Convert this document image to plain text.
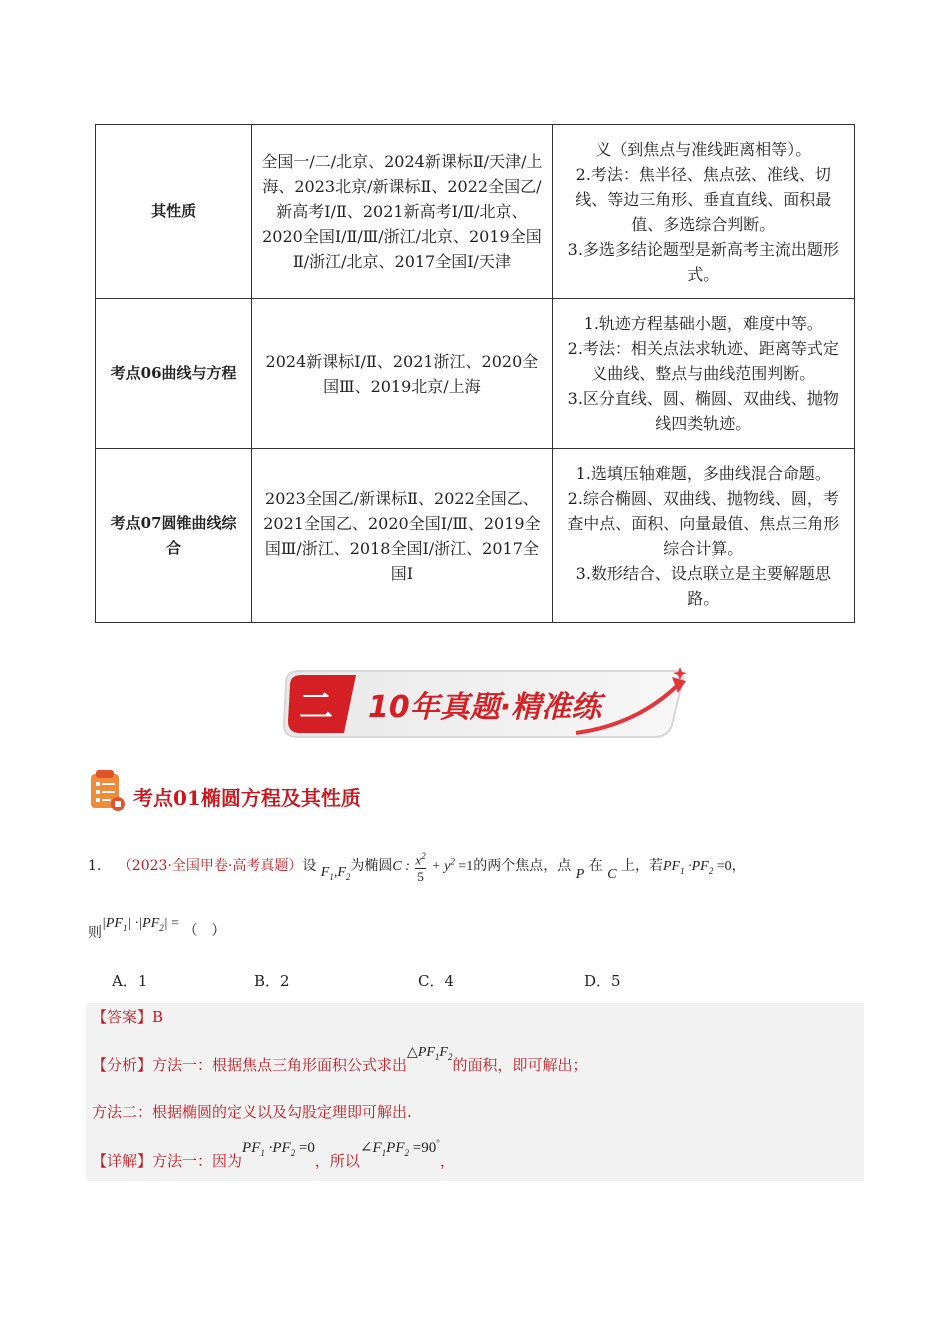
其性质	全国一/二/北京、2024新课标Ⅱ/天津/上海、2023北京/新课标Ⅱ、2022全国乙/新高考Ⅰ/Ⅱ、2021新高考Ⅰ/Ⅱ/北京、2020全国Ⅰ/Ⅱ/Ⅲ/浙江/北京、2019全国Ⅱ/浙江/北京、2017全国Ⅰ/天津	义（到焦点与准线距离相等）。
2.考法：焦半径、焦点弦、准线、切线、等边三角形、垂直直线、面积最值、多选综合判断。
3.多选多结论题型是新高考主流出题形式。

考点06曲线与方程	2024新课标Ⅰ/Ⅱ、2021浙江、2020全国Ⅲ、2019北京/上海	1.轨迹方程基础小题，难度中等。
2.考法：相关点法求轨迹、距离等式定义曲线、整点与曲线范围判断。
3.区分直线、圆、椭圆、双曲线、抛物线四类轨迹。

考点07圆锥曲线综合	2023全国乙/新课标Ⅱ、2022全国乙、2021全国乙、2020全国Ⅰ/Ⅲ、2019全国Ⅲ/浙江、2018全国Ⅰ/浙江、2017全国Ⅰ	1.选填压轴难题，多曲线混合命题。
2.综合椭圆、双曲线、抛物线、圆，考查中点、面积、向量最值、焦点三角形综合计算。
3.数形结合、设点联立是主要解题思路。
二 10年真题·精准练
考点01椭圆方程及其性质
1. （2023·全国甲卷·高考真题）设 $F_1,F_2$为椭圆C : $\frac{x^2}{5} + y^2 =1$的两个焦点，点 P 在 C 上，若$PF_1 \cdot PF_2 =0$，
则$|PF_1| \cdot|PF_2|$ = （　）
A．1	B．2	C．4	D．5
【答案】B
【分析】方法一：根据焦点三角形面积公式求出$\triangle PF_1F_2$的面积，即可解出；
方法二：根据椭圆的定义以及勾股定理即可解出.
【详解】方法一：因为$PF_1 \cdot PF_2 =0$，所以$\angle F_1PF_2 =90^\circ$，
